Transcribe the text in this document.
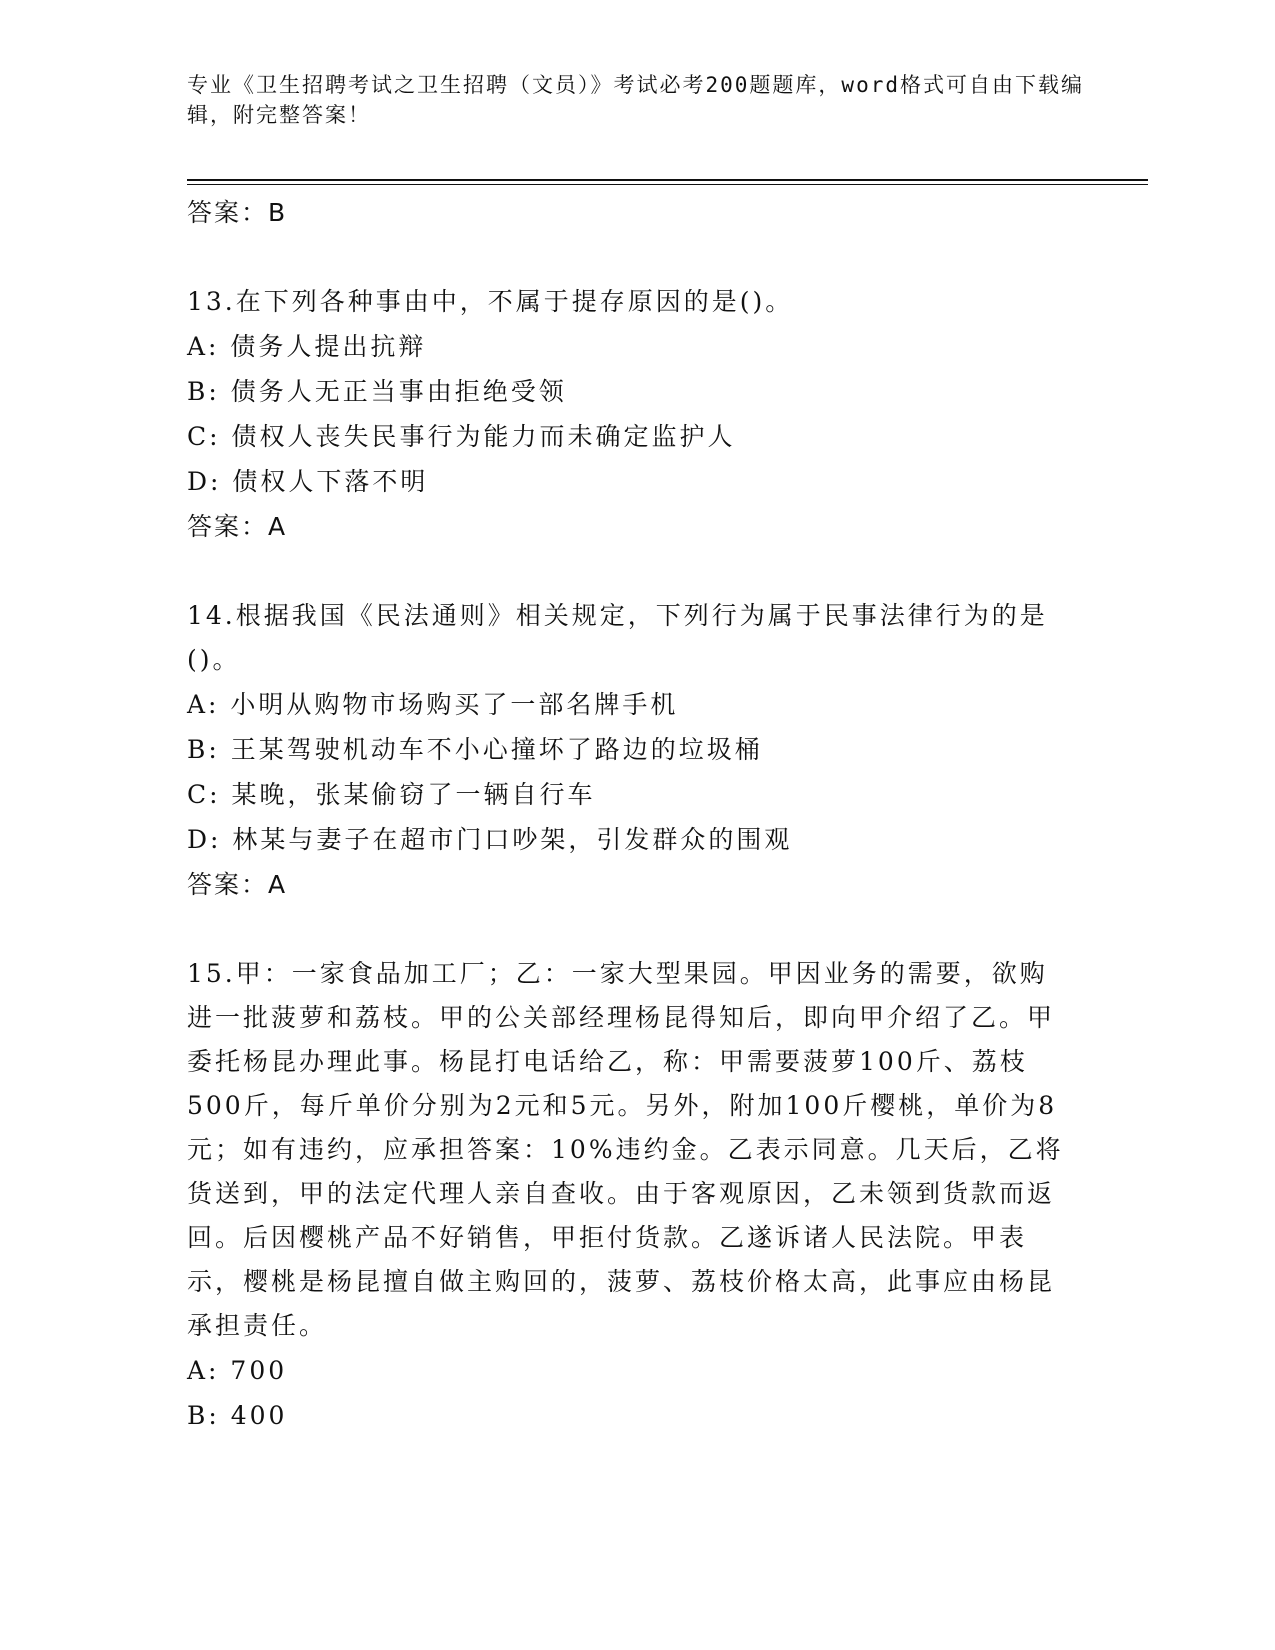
专业《卫生招聘考试之卫生招聘（文员）》考试必考200题题库，word格式可自由下载编辑，附完整答案！
答案：B
13.在下列各种事由中，不属于提存原因的是()。
A: 债务人提出抗辩
B: 债务人无正当事由拒绝受领
C: 债权人丧失民事行为能力而未确定监护人
D: 债权人下落不明
答案：A
14.根据我国《民法通则》相关规定，下列行为属于民事法律行为的是()。
A: 小明从购物市场购买了一部名牌手机
B: 王某驾驶机动车不小心撞坏了路边的垃圾桶
C: 某晚，张某偷窃了一辆自行车
D: 林某与妻子在超市门口吵架，引发群众的围观
答案：A
15.甲：一家食品加工厂；乙：一家大型果园。甲因业务的需要，欲购进一批菠萝和荔枝。甲的公关部经理杨昆得知后，即向甲介绍了乙。甲委托杨昆办理此事。杨昆打电话给乙，称：甲需要菠萝100斤、荔枝500斤，每斤单价分别为2元和5元。另外，附加100斤樱桃，单价为8元；如有违约，应承担答案：10%违约金。乙表示同意。几天后，乙将货送到，甲的法定代理人亲自查收。由于客观原因，乙未领到货款而返回。后因樱桃产品不好销售，甲拒付货款。乙遂诉诸人民法院。甲表示，樱桃是杨昆擅自做主购回的，菠萝、荔枝价格太高，此事应由杨昆承担责任。
A: 700
B: 400
